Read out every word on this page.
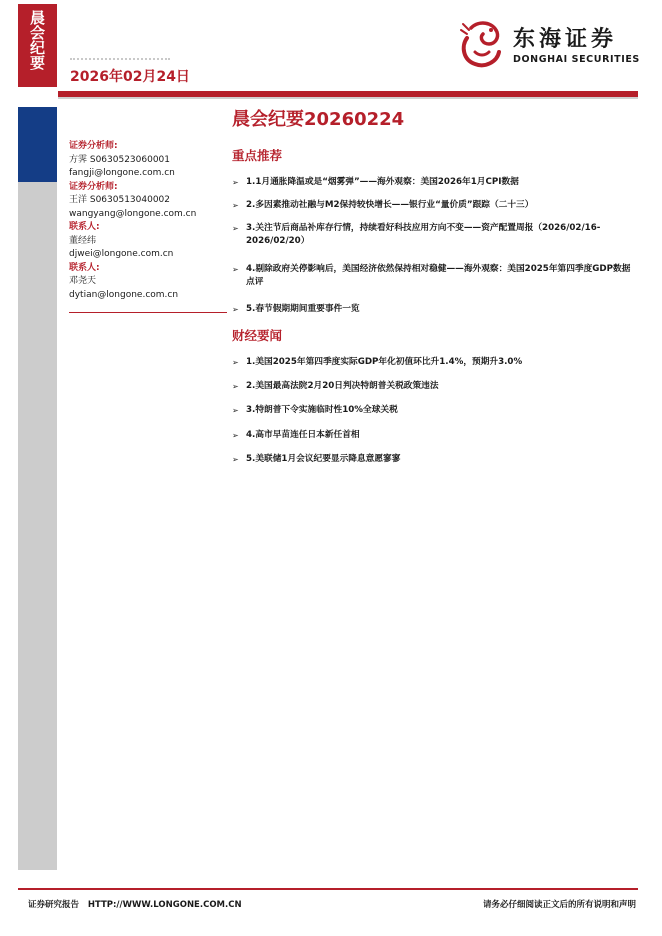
晨会纪要
2026年02月24日
东海证券
DONGHAI SECURITIES
证券分析师:
方霁 S0630523060001
fangji@longone.com.cn
证券分析师:
王洋 S0630513040002
wangyang@longone.com.cn
联系人:
董经纬
djwei@longone.com.cn
联系人:
邓尧天
dytian@longone.com.cn
晨会纪要20260224
重点推荐
➢ 1.1月通胀降温或是“烟雾弹”——海外观察：美国2026年1月CPI数据
➢ 2.多因素推动社融与M2保持较快增长——银行业“量价质”跟踪（二十三）
➢ 3.关注节后商品补库存行情，持续看好科技应用方向不变——资产配置周报（2026/02/16-2026/02/20）
➢ 4.剔除政府关停影响后，美国经济依然保持相对稳健——海外观察：美国2025年第四季度GDP数据点评
➢ 5.春节假期期间重要事件一览
财经要闻
➢ 1.美国2025年第四季度实际GDP年化初值环比升1.4%，预期升3.0%
➢ 2.美国最高法院2月20日判决特朗普关税政策违法
➢ 3.特朗普下令实施临时性10%全球关税
➢ 4.高市早苗连任日本新任首相
➢ 5.美联储1月会议纪要显示降息意愿寥寥
证券研究报告   HTTP://WWW.LONGONE.COM.CN	请务必仔细阅读正文后的所有说明和声明
